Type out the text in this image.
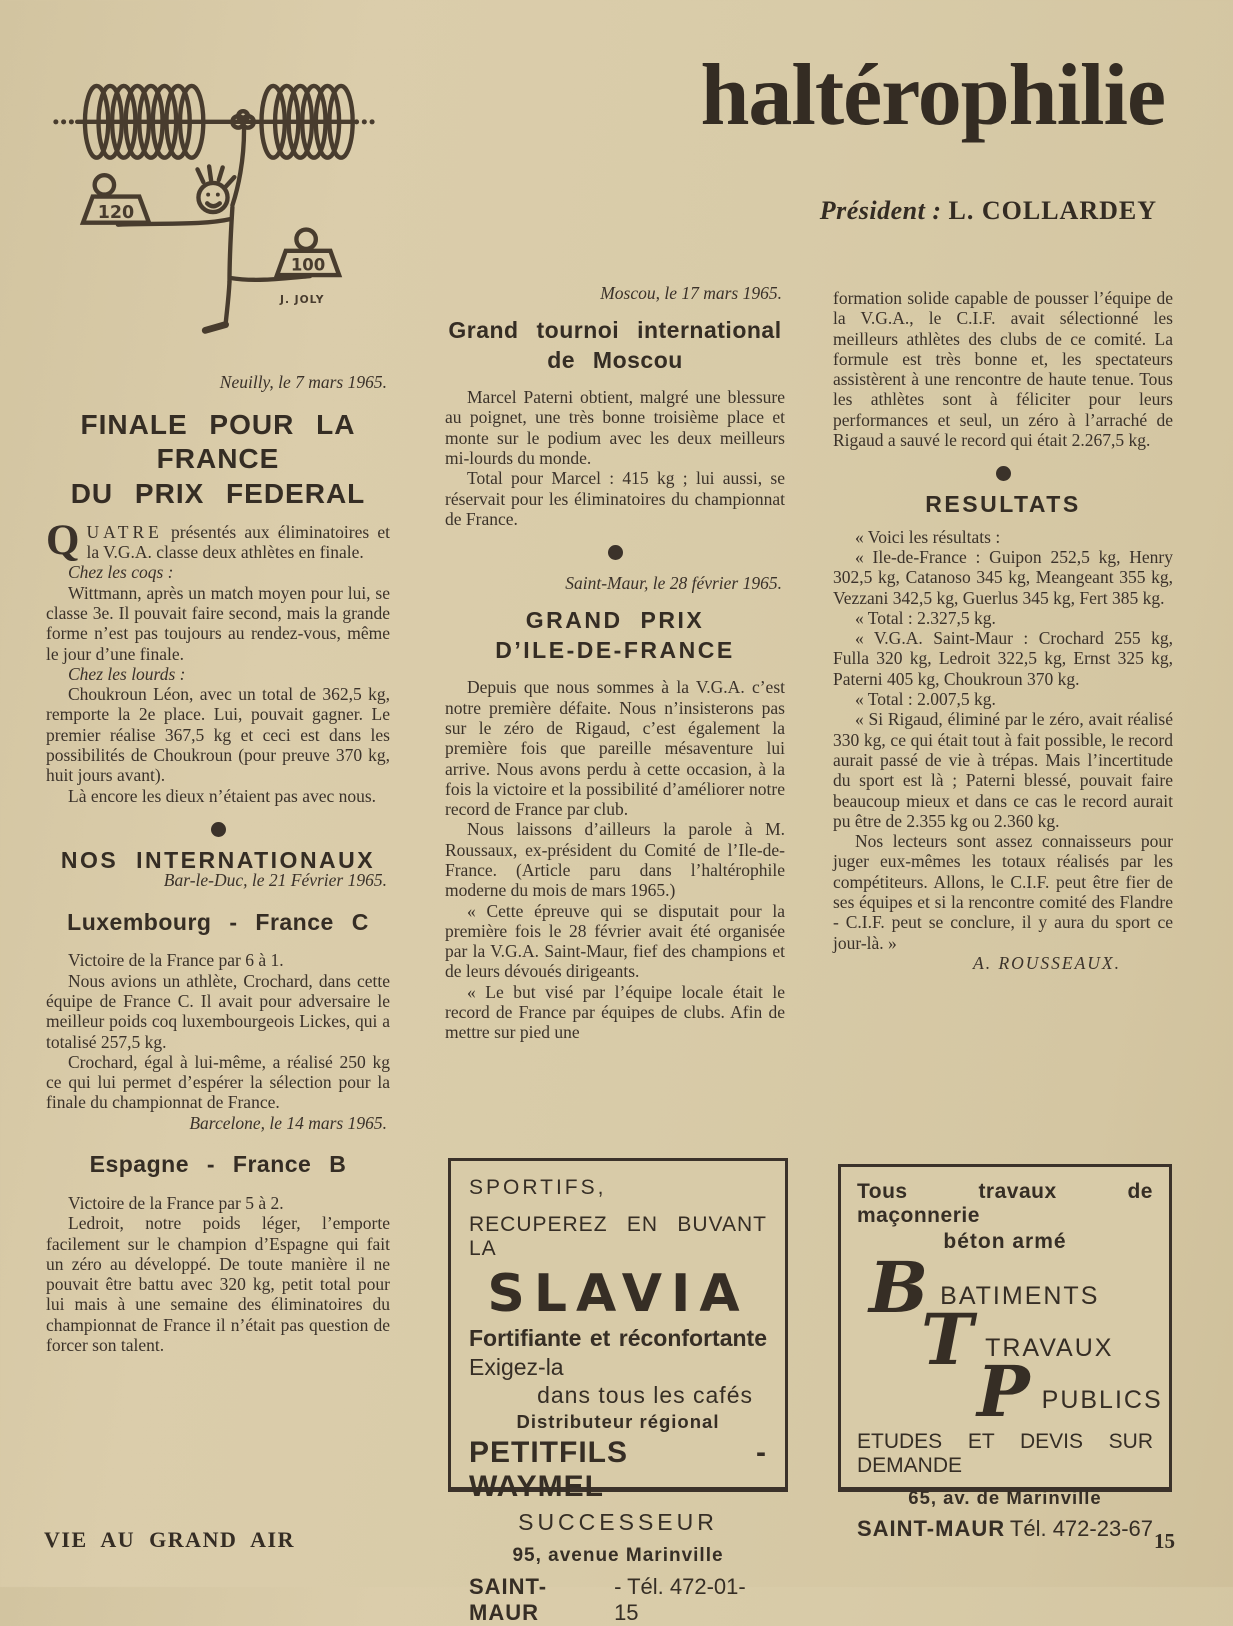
haltérophilie
Président : L. COLLARDEY
120
100
J. JOLY

Neuilly, le 7 mars 1965.

FINALE POUR LA FRANCE
DU PRIX FEDERAL

QUATRE présentés aux éliminatoires et la V.G.A. classe deux athlètes en finale.

Chez les coqs :

Wittmann, après un match moyen pour lui, se classe 3e. Il pouvait faire second, mais la grande forme n’est pas toujours au rendez-vous, même le jour d’une finale.

Chez les lourds :

Choukroun Léon, avec un total de 362,5 kg, remporte la 2e place. Lui, pouvait gagner. Le premier réalise 367,5 kg et ceci est dans les possibilités de Choukroun (pour preuve 370 kg, huit jours avant).

Là encore les dieux n’étaient pas avec nous.

NOS INTERNATIONAUX

Bar-le-Duc, le 21 Février 1965.

Luxembourg - France C

Victoire de la France par 6 à 1.

Nous avions un athlète, Crochard, dans cette équipe de France C. Il avait pour adversaire le meilleur poids coq luxembourgeois Lickes, qui a totalisé 257,5 kg.

Crochard, égal à lui-même, a réalisé 250 kg ce qui lui permet d’espérer la sélection pour la finale du championnat de France.

Barcelone, le 14 mars 1965.

Espagne - France B

Victoire de la France par 5 à 2.

Ledroit, notre poids léger, l’emporte facilement sur le champion d’Espagne qui fait un zéro au développé. De toute manière il ne pouvait être battu avec 320 kg, petit total pour lui mais à une semaine des éliminatoires du championnat de France il n’était pas question de forcer son talent.

Moscou, le 17 mars 1965.

Grand tournoi international
de Moscou

Marcel Paterni obtient, malgré une blessure au poignet, une très bonne troisième place et monte sur le podium avec les deux meilleurs mi-lourds du monde.

Total pour Marcel : 415 kg ; lui aussi, se réservait pour les éliminatoires du championnat de France.

Saint-Maur, le 28 février 1965.

GRAND PRIX
D’ILE-DE-FRANCE

Depuis que nous sommes à la V.G.A. c’est notre première défaite. Nous n’insisterons pas sur le zéro de Rigaud, c’est également la première fois que pareille mésaventure lui arrive. Nous avons perdu à cette occasion, à la fois la victoire et la possibilité d’améliorer notre record de France par club.

Nous laissons d’ailleurs la parole à M. Roussaux, ex-président du Comité de l’Ile-de-France. (Article paru dans l’haltérophile moderne du mois de mars 1965.)

« Cette épreuve qui se disputait pour la première fois le 28 février avait été organisée par la V.G.A. Saint-Maur, fief des champions et de leurs dévoués dirigeants.

« Le but visé par l’équipe locale était le record de France par équipes de clubs. Afin de mettre sur pied une

formation solide capable de pousser l’équipe de la V.G.A., le C.I.F. avait sélectionné les meilleurs athlètes des clubs de ce comité. La formule est très bonne et, les spectateurs assistèrent à une rencontre de haute tenue. Tous les athlètes sont à féliciter pour leurs performances et seul, un zéro à l’arraché de Rigaud a sauvé le record qui était 2.267,5 kg.

RESULTATS

« Voici les résultats :

« Ile-de-France : Guipon 252,5 kg, Henry 302,5 kg, Catanoso 345 kg, Meangeant 355 kg, Vezzani 342,5 kg, Guerlus 345 kg, Fert 385 kg.

« Total : 2.327,5 kg.

« V.G.A. Saint-Maur : Crochard 255 kg, Fulla 320 kg, Ledroit 322,5 kg, Ernst 325 kg, Paterni 405 kg, Choukroun 370 kg.

« Total : 2.007,5 kg.

« Si Rigaud, éliminé par le zéro, avait réalisé 330 kg, ce qui était tout à fait possible, le record aurait passé de vie à trépas. Mais l’incertitude du sport est là ; Paterni blessé, pouvait faire beaucoup mieux et dans ce cas le record aurait pu être de 2.355 kg ou 2.360 kg.

Nos lecteurs sont assez connaisseurs pour juger eux-mêmes les totaux réalisés par les compétiteurs. Allons, le C.I.F. peut être fier de ses équipes et si la rencontre comité des Flandre - C.I.F. peut se conclure, il y aura du sport ce jour-là. »

A. ROUSSEAUX.

SPORTIFS,
RECUPEREZ EN BUVANT LA
SLAVIA
Fortifiante et réconfortante
Exigez-la
dans tous les cafés
Distributeur régional
PETITFILS - WAYMEL
SUCCESSEUR
95, avenue Marinville
SAINT-MAUR
- Tél. 472-01-15
Tous travaux de maçonnerie
béton armé
B BATIMENTS
T TRAVAUX
P PUBLICS
ETUDES ET DEVIS SUR DEMANDE
65, av. de Marinville
SAINT-MAUR Tél. 472-23-67
VIE AU GRAND AIR	15
